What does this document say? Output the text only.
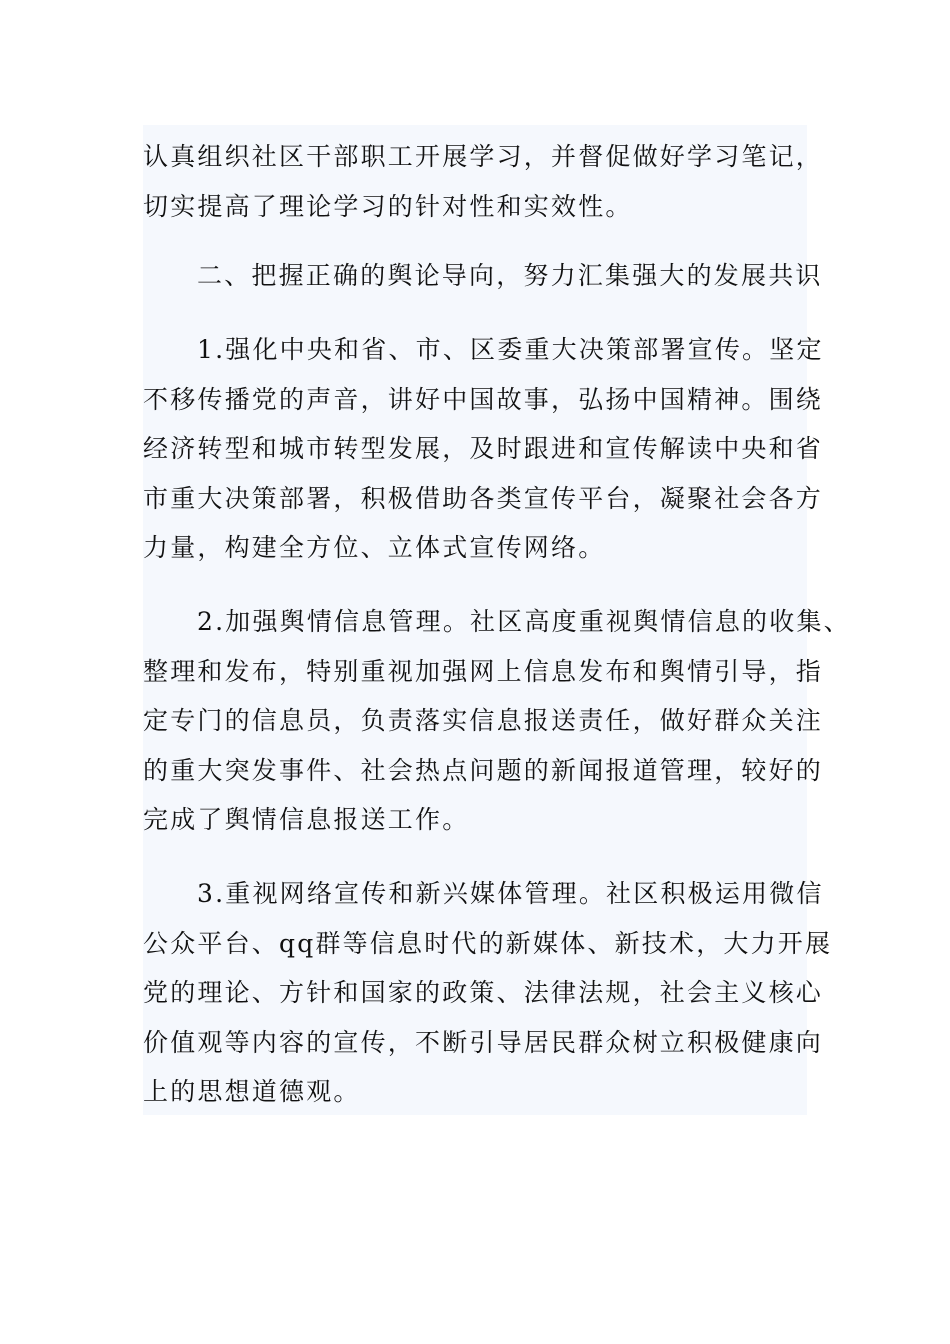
认真组织社区干部职工开展学习，并督促做好学习笔记，
切实提高了理论学习的针对性和实效性。
二、把握正确的舆论导向，努力汇集强大的发展共识
1.强化中央和省、市、区委重大决策部署宣传。坚定
不移传播党的声音，讲好中国故事，弘扬中国精神。围绕
经济转型和城市转型发展，及时跟进和宣传解读中央和省
市重大决策部署，积极借助各类宣传平台，凝聚社会各方
力量，构建全方位、立体式宣传网络。
2.加强舆情信息管理。社区高度重视舆情信息的收集、
整理和发布，特别重视加强网上信息发布和舆情引导，指
定专门的信息员，负责落实信息报送责任，做好群众关注
的重大突发事件、社会热点问题的新闻报道管理，较好的
完成了舆情信息报送工作。
3.重视网络宣传和新兴媒体管理。社区积极运用微信
公众平台、qq群等信息时代的新媒体、新技术，大力开展
党的理论、方针和国家的政策、法律法规，社会主义核心
价值观等内容的宣传，不断引导居民群众树立积极健康向
上的思想道德观。
